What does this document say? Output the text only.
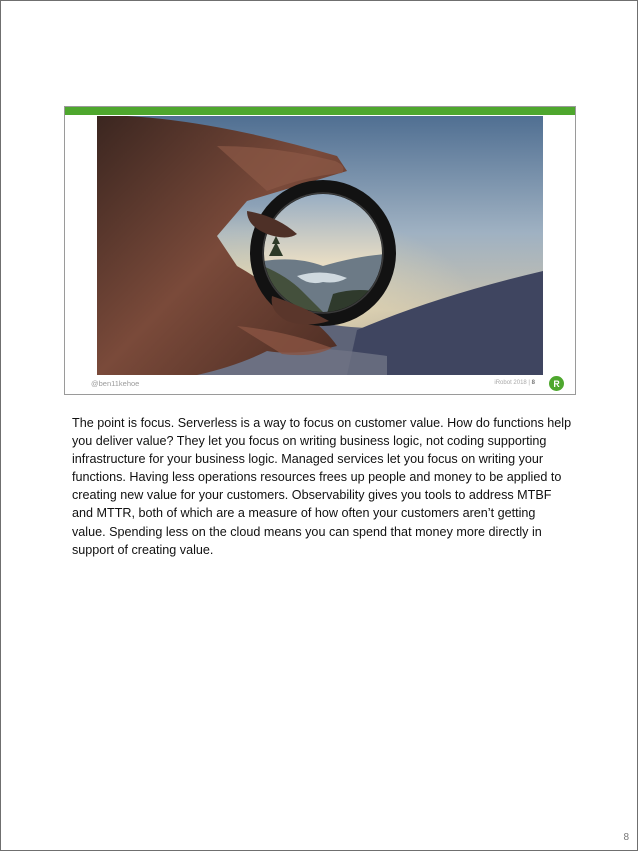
@ben11kehoe	iRobot 2018 | 8
The point is focus. Serverless is a way to focus on customer value. How do functions help you deliver value? They let you focus on writing business logic, not coding supporting infrastructure for your business logic. Managed services let you focus on writing your functions. Having less operations resources frees up people and money to be applied to creating new value for your customers. Observability gives you tools to address MTBF and MTTR, both of which are a measure of how often your customers aren’t getting value. Spending less on the cloud means you can spend that money more directly in support of creating value.
8
